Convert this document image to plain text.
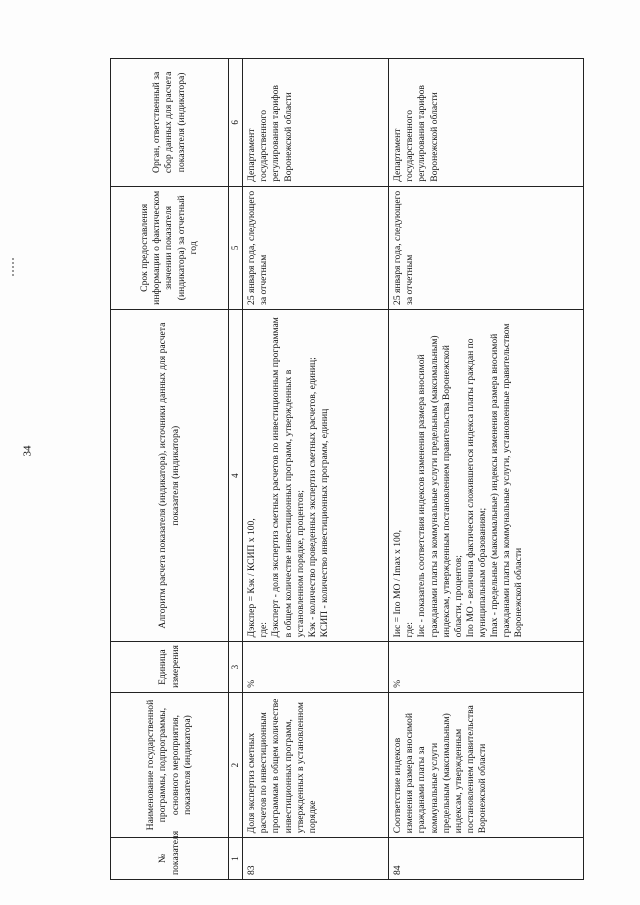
34
№ показателя	Наименование государственной программы, подпрограммы, основного мероприятия, показателя (индикатора)	Единица измерения	Алгоритм расчета показателя (индикатора), источники данных для расчета показателя (индикатора)	Срок предоставления информации о фактическом значении показателя (индикатора) за отчетный год	Орган, ответственный за сбор данных для расчета показателя (индикатора)
1	2	3	4	5	6
83	Доля экспертиз сметных расчетов по инвестиционным программам в общем количестве инвестиционных программ, утвержденных в установленном порядке	%	Дэкспер = Кэк / КСИП х 100, где: Дэксперт - доля экспертиз сметных расчетов по инвестиционным программам в общем количестве инвестиционных программ, утвержденных в установленном порядке, процентов; Кэк - количество проведенных экспертиз сметных расчетов, единиц; КСИП - количество инвестиционных программ, единиц	25 января года, следующего за отчетным	Департамент государственного регулирования тарифов Воронежской области
84	Соответствие индексов изменения размера вносимой гражданами платы за коммунальные услуги предельным (максимальным) индексам, утвержденным постановлением правительства Воронежской области	%	Iис = Iпо МО / Imax х 100, где: Iис - показатель соответствия индексов изменения размера вносимой гражданами платы за коммунальные услуги предельным (максимальным) индексам, утвержденным постановлением правительства Воронежской области, процентов; Iпо МО - величина фактически сложившегося индекса платы граждан по муниципальным образованиям; Imax - предельные (максимальные) индексы изменения размера вносимой гражданами платы за коммунальные услуги, установленные правительством Воронежской области	25 января года, следующего за отчетным	Департамент государственного регулирования тарифов Воронежской области
